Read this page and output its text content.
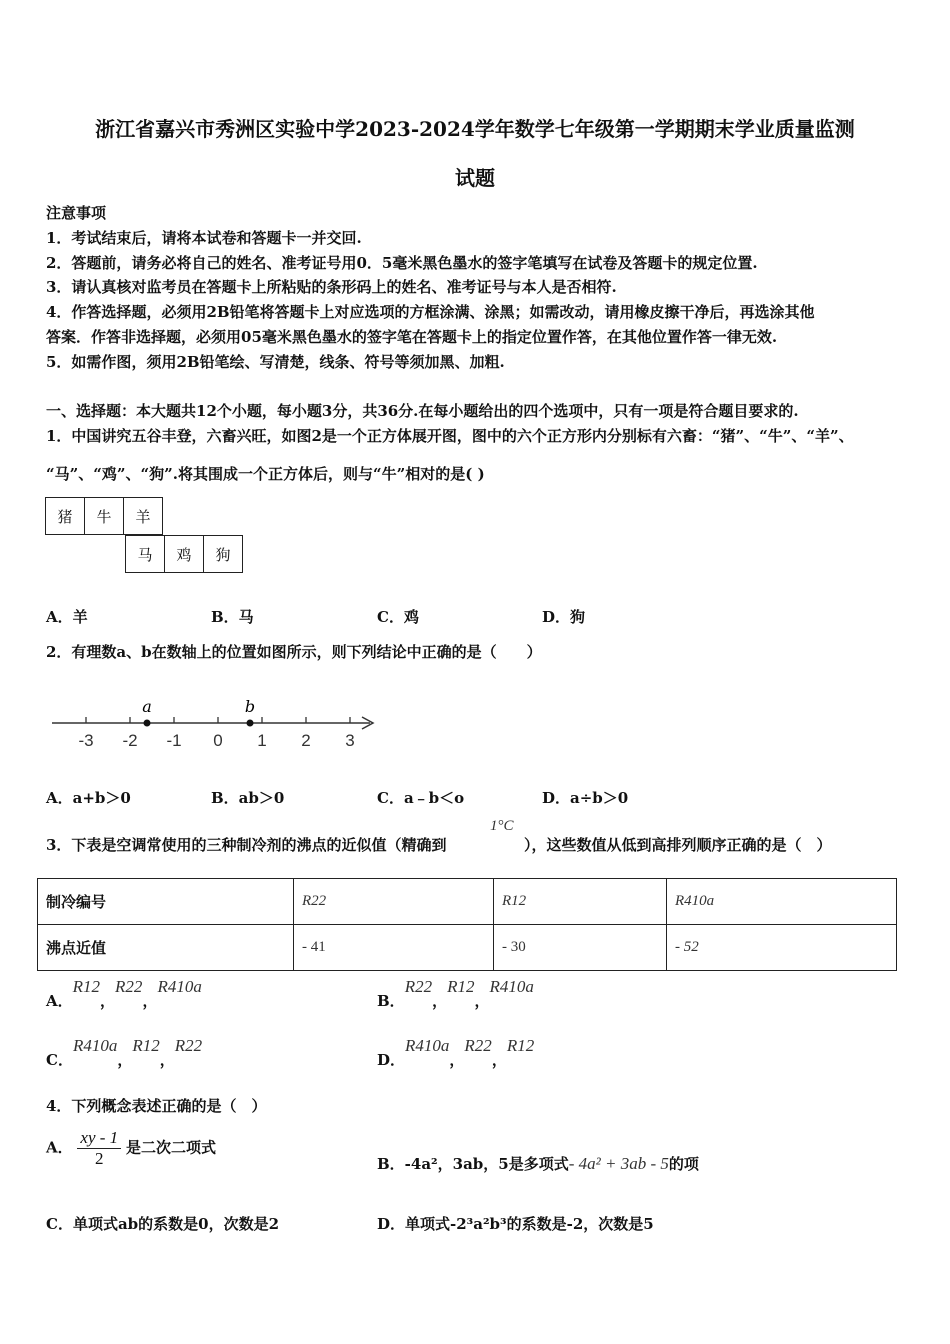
浙江省嘉兴市秀洲区实验中学2023-2024学年数学七年级第一学期期末学业质量监测
试题
注意事项
1．考试结束后，请将本试卷和答题卡一并交回.
2．答题前，请务必将自己的姓名、准考证号用0．5毫米黑色墨水的签字笔填写在试卷及答题卡的规定位置.
3．请认真核对监考员在答题卡上所粘贴的条形码上的姓名、准考证号与本人是否相符.
4．作答选择题，必须用2B铅笔将答题卡上对应选项的方框涂满、涂黑；如需改动，请用橡皮擦干净后，再选涂其他
答案．作答非选择题，必须用05毫米黑色墨水的签字笔在答题卡上的指定位置作答，在其他位置作答一律无效.
5．如需作图，须用2B铅笔绘、写清楚，线条、符号等须加黑、加粗.
一、选择题：本大题共12个小题，每小题3分，共36分.在每小题给出的四个选项中，只有一项是符合题目要求的.
1．中国讲究五谷丰登，六畜兴旺，如图2是一个正方体展开图，图中的六个正方形内分别标有六畜：“猪”、“牛”、“羊”、
“马”、“鸡”、“狗”.将其围成一个正方体后，则与“牛”相对的是( )
猪	牛	羊
马	鸡	狗
A．羊	B．马	C．鸡	D．狗
2．有理数a、b在数轴上的位置如图所示，则下列结论中正确的是（　　）
-3 -2 -1 0 1 2 3
a	b
A．a+b＞0	B．ab＞0	C．a﹣b＜o	D．a÷b＞0
3．下表是空调常使用的三种制冷剂的沸点的近似值（精确到
1°C
），这些数值从低到高排列顺序正确的是（　）
制冷编号	R22	R12	R410a
沸点近值	- 41	- 30	- 52
A．R12，R22，R410a
B．R22，R12，R410a
C．R410a，R12，R22
D．R410a，R22，R12
4．下列概念表述正确的是（　）
A． $\frac{xy - 1}{2}$ 是二次二项式
B．-4a²，3ab，5是多项式- 4a² + 3ab - 5的项
C．单项式ab的系数是0，次数是2	D．单项式-2³a²b³的系数是-2，次数是5
